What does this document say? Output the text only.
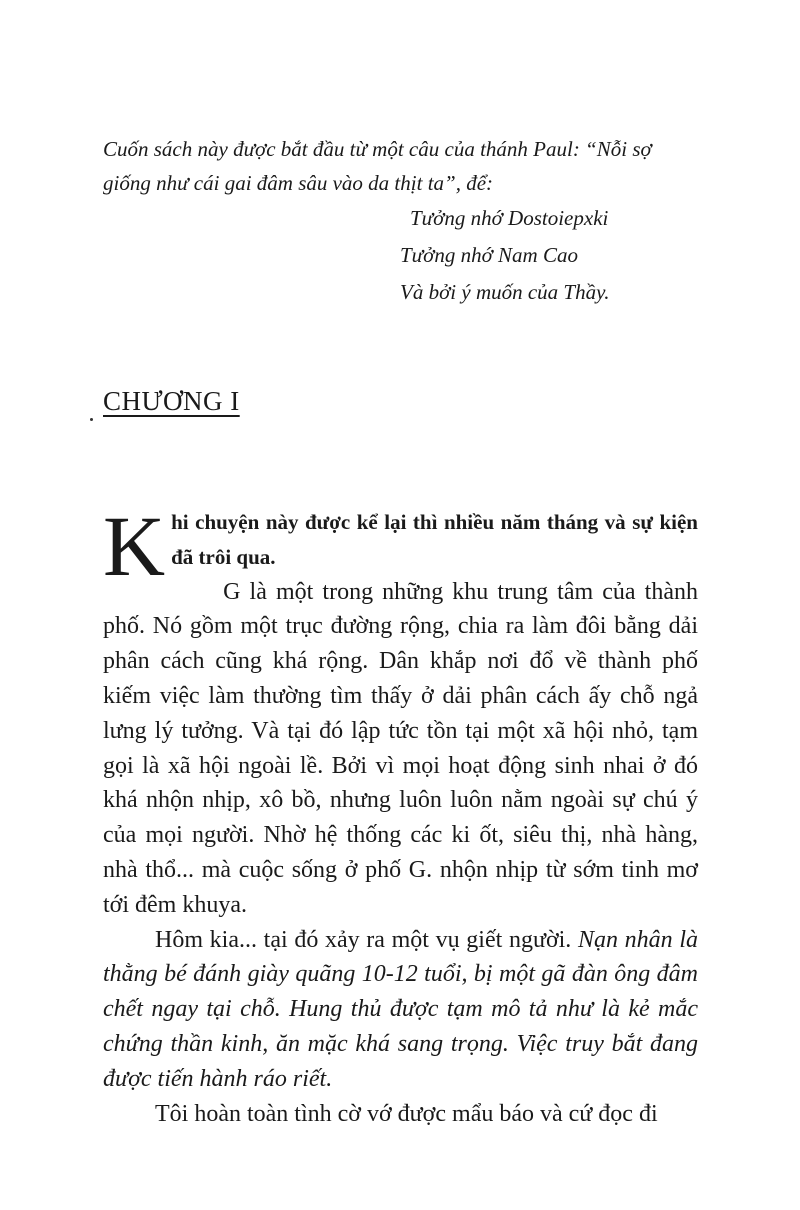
Cuốn sách này được bắt đầu từ một câu của thánh Paul: “Nỗi sợ giống như cái gai đâm sâu vào da thịt ta”, để:
Tưởng nhớ Dostoiepxki
Tưởng nhớ Nam Cao
Và bởi ý muốn của Thầy.
CHƯƠNG I

Khi chuyện này được kể lại thì nhiều năm tháng và sự kiện đã trôi qua.

G là một trong những khu trung tâm của thành phố. Nó gồm một trục đường rộng, chia ra làm đôi bằng dải phân cách cũng khá rộng. Dân khắp nơi đổ về thành phố kiếm việc làm thường tìm thấy ở dải phân cách ấy chỗ ngả lưng lý tưởng. Và tại đó lập tức tồn tại một xã hội nhỏ, tạm gọi là xã hội ngoài lề. Bởi vì mọi hoạt động sinh nhai ở đó khá nhộn nhịp, xô bồ, nhưng luôn luôn nằm ngoài sự chú ý của mọi người. Nhờ hệ thống các ki ốt, siêu thị, nhà hàng, nhà thổ... mà cuộc sống ở phố G. nhộn nhịp từ sớm tinh mơ tới đêm khuya.

Hôm kia... tại đó xảy ra một vụ giết người. Nạn nhân là thằng bé đánh giày quãng 10-12 tuổi, bị một gã đàn ông đâm chết ngay tại chỗ. Hung thủ được tạm mô tả như là kẻ mắc chứng thần kinh, ăn mặc khá sang trọng. Việc truy bắt đang được tiến hành ráo riết.

Tôi hoàn toàn tình cờ vớ được mẩu báo và cứ đọc đi
